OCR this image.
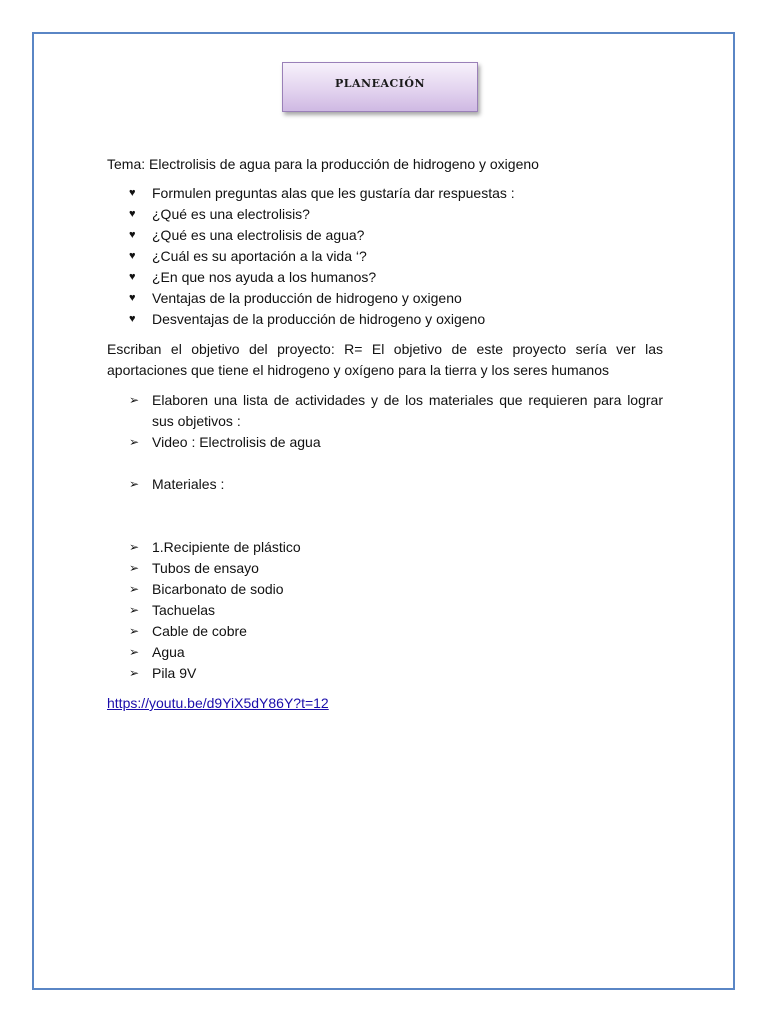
PLANEACIÓN

Tema: Electrolisis de agua para la producción de hidrogeno y oxigeno

♥ Formulen preguntas alas que les gustaría dar respuestas :
♥ ¿Qué es una electrolisis?
♥ ¿Qué es una electrolisis de agua?
♥ ¿Cuál es su aportación a la vida ‘?
♥ ¿En que nos ayuda a los humanos?
♥ Ventajas de la producción de hidrogeno y oxigeno
♥ Desventajas de la producción de hidrogeno y oxigeno

Escriban el objetivo del proyecto: R= El objetivo de este proyecto sería ver las aportaciones que tiene el hidrogeno y oxígeno para la tierra y los seres humanos

➢ Elaboren una lista de actividades y de los materiales que requieren para lograr sus objetivos :
➢ Video : Electrolisis de agua
➢ Materiales :
➢ 1.Recipiente de plástico
➢ Tubos de ensayo
➢ Bicarbonato de sodio
➢ Tachuelas
➢ Cable de cobre
➢ Agua
➢ Pila 9V

https://youtu.be/d9YiX5dY86Y?t=12
